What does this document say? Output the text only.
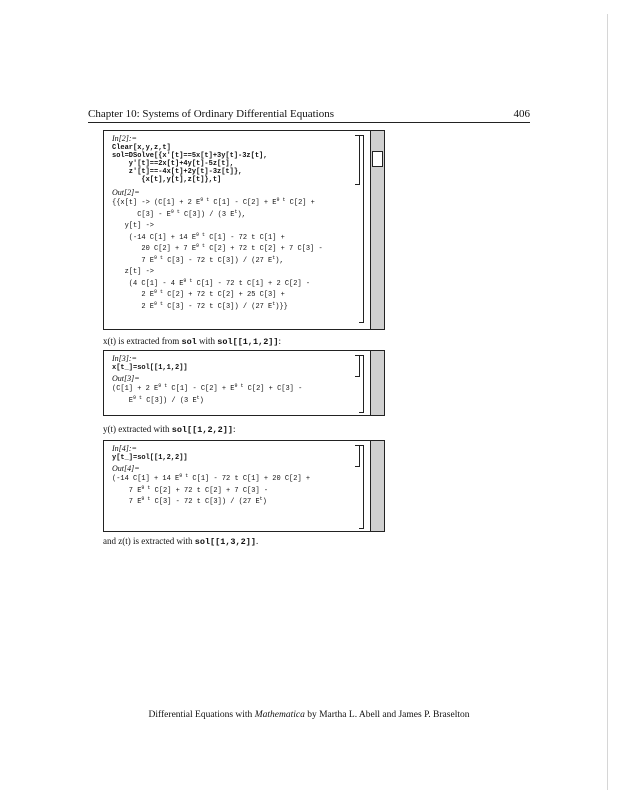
Chapter 10: Systems of Ordinary Differential Equations	406
In[2]:=
Clear[x,y,z,t]
sol=DSolve[{x'[t]==5x[t]+3y[t]-3z[t],
y'[t]==2x[t]+4y[t]-5z[t],
z'[t]==-4x[t]+2y[t]-3z[t]},
{x[t],y[t],z[t]},t]
Out[2]=
{{x[t] -> (C[1] + 2 $E^{9 t}$ $C[1] - C[2] + E^{9 t}$ C[2] +
$C[3] - E^{9 t}$ C[3]) / (3 $E^t$),
y[t] ->
(-14 C[1] + 14 $E^{9 t}$ C[1] - 72 t C[1] +
20 C[2] + 7 $E^{9 t}$ C[2] + 72 t C[2] + 7 C[3] -
7 $E^{9 t}$ C[3] - 72 t C[3]) / (27 $E^t$),
z[t] ->
(4 C[1] - 4 $E^{9 t}$ C[1] - 72 t C[1] + 2 C[2] -
2 $E^{9 t}$ C[2] + 72 t C[2] + 25 C[3] +
2 $E^{9 t}$ C[3] - 72 t C[3]) / (27 $E^t$)}}
x(t) is extracted from sol with sol[[1,1,2]]:
In[3]:=
x[t_]=sol[[1,1,2]]
Out[3]=
(C[1] + 2 $E^{9 t}$ $C[1] - C[2] + E^{9 t}$ C[2] + C[3] -
$E^{9 t}$ C[3]) / (3 $E^t$)
y(t) extracted with sol[[1,2,2]]:
In[4]:=
y[t_]=sol[[1,2,2]]
Out[4]=
(-14 C[1] + 14 $E^{9 t}$ C[1] - 72 t C[1] + 20 C[2] +
7 $E^{9 t}$ C[2] + 72 t C[2] + 7 C[3] -
7 $E^{9 t}$ C[3] - 72 t C[3]) / (27 $E^t$)
and z(t) is extracted with sol[[1,3,2]].
Differential Equations with Mathematica by Martha L. Abell and James P. Braselton
